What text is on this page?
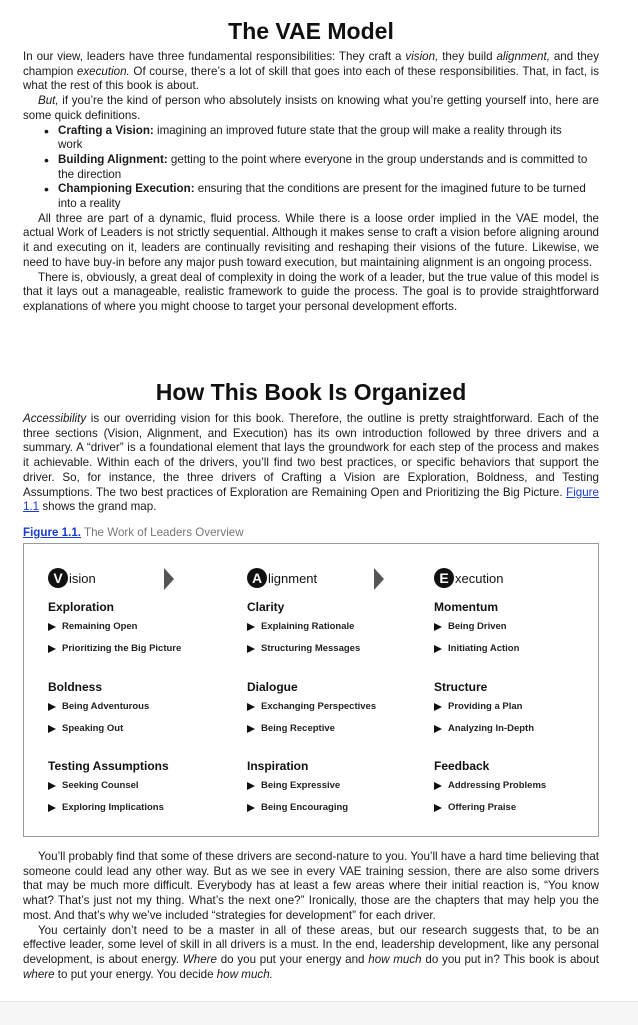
The VAE Model

In our view, leaders have three fundamental responsibilities: They craft a vision, they build alignment, and they champion execution. Of course, there’s a lot of skill that goes into each of these responsibilities. That, in fact, is what the rest of this book is about.

But, if you’re the kind of person who absolutely insists on knowing what you’re getting yourself into, here are some quick definitions.

• Crafting a Vision: imagining an improved future state that the group will make a reality through its work
• Building Alignment: getting to the point where everyone in the group understands and is committed to the direction
• Championing Execution: ensuring that the conditions are present for the imagined future to be turned into a reality

All three are part of a dynamic, fluid process. While there is a loose order implied in the VAE model, the actual Work of Leaders is not strictly sequential. Although it makes sense to craft a vision before aligning around it and executing on it, leaders are continually revisiting and reshaping their visions of the future. Likewise, we need to have buy-in before any major push toward execution, but maintaining alignment is an ongoing process.

There is, obviously, a great deal of complexity in doing the work of a leader, but the true value of this model is that it lays out a manageable, realistic framework to guide the process. The goal is to provide straightforward explanations of where you might choose to target your personal development efforts.

How This Book Is Organized

Accessibility is our overriding vision for this book. Therefore, the outline is pretty straightforward. Each of the three sections (Vision, Alignment, and Execution) has its own introduction followed by three drivers and a summary. A “driver” is a foundational element that lays the groundwork for each step of the process and makes it achievable. Within each of the drivers, you’ll find two best practices, or specific behaviors that support the driver. So, for instance, the three drivers of Crafting a Vision are Exploration, Boldness, and Testing Assumptions. The two best practices of Exploration are Remaining Open and Prioritizing the Big Picture. Figure 1.1 shows the grand map.

Figure 1.1. The Work of Leaders Overview
V ision
Exploration
Remaining Open
Prioritizing the Big Picture
Boldness
Being Adventurous
Speaking Out
Testing Assumptions
Seeking Counsel
Exploring Implications
A lignment
Clarity
Explaining Rationale
Structuring Messages
Dialogue
Exchanging Perspectives
Being Receptive
Inspiration
Being Expressive
Being Encouraging
E xecution
Momentum
Being Driven
Initiating Action
Structure
Providing a Plan
Analyzing In-Depth
Feedback
Addressing Problems
Offering Praise

You’ll probably find that some of these drivers are second-nature to you. You’ll have a hard time believing that someone could lead any other way. But as we see in every VAE training session, there are also some drivers that may be much more difficult. Everybody has at least a few areas where their initial reaction is, “You know what? That’s just not my thing. What’s the next one?” Ironically, those are the chapters that may help you the most. And that’s why we’ve included “strategies for development” for each driver.

You certainly don’t need to be a master in all of these areas, but our research suggests that, to be an effective leader, some level of skill in all drivers is a must. In the end, leadership development, like any personal development, is about energy. Where do you put your energy and how much do you put in? This book is about where to put your energy. You decide how much.
